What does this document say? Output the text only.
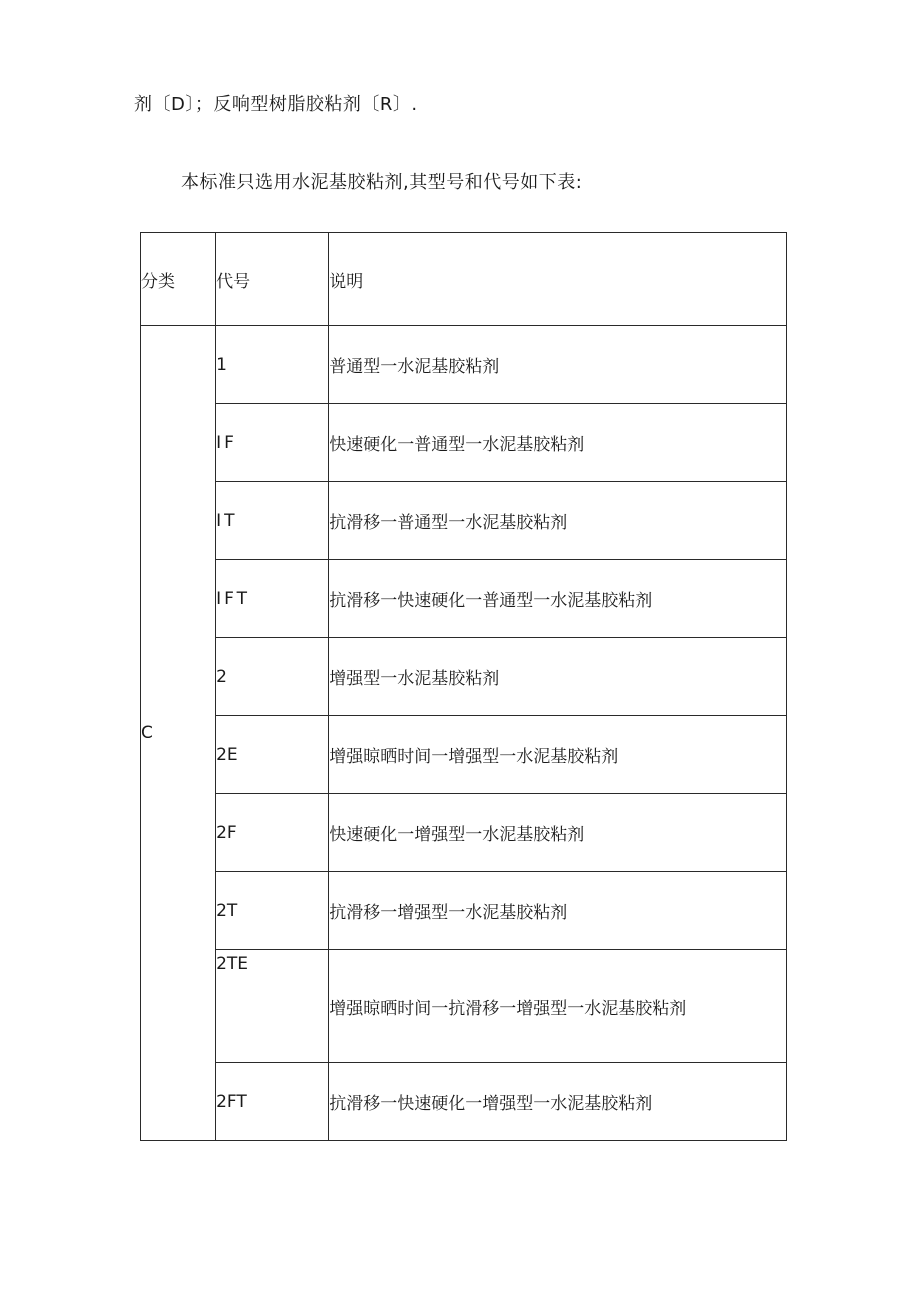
剂〔D〕；反响型树脂胶粘剂〔R〕.
本标准只选用水泥基胶粘剂,其型号和代号如下表:
分类	代号	说明
C	1	普通型一水泥基胶粘剂
	IF	快速硬化一普通型一水泥基胶粘剂
	IT	抗滑移一普通型一水泥基胶粘剂
	IFT	抗滑移一快速硬化一普通型一水泥基胶粘剂
	2	增强型一水泥基胶粘剂
	2E	增强晾晒时间一增强型一水泥基胶粘剂
	2F	快速硬化一增强型一水泥基胶粘剂
	2T	抗滑移一增强型一水泥基胶粘剂

	2TE	增强晾晒时间一抗滑移一增强型一水泥基胶粘剂
	2FT	抗滑移一快速硬化一增强型一水泥基胶粘剂
